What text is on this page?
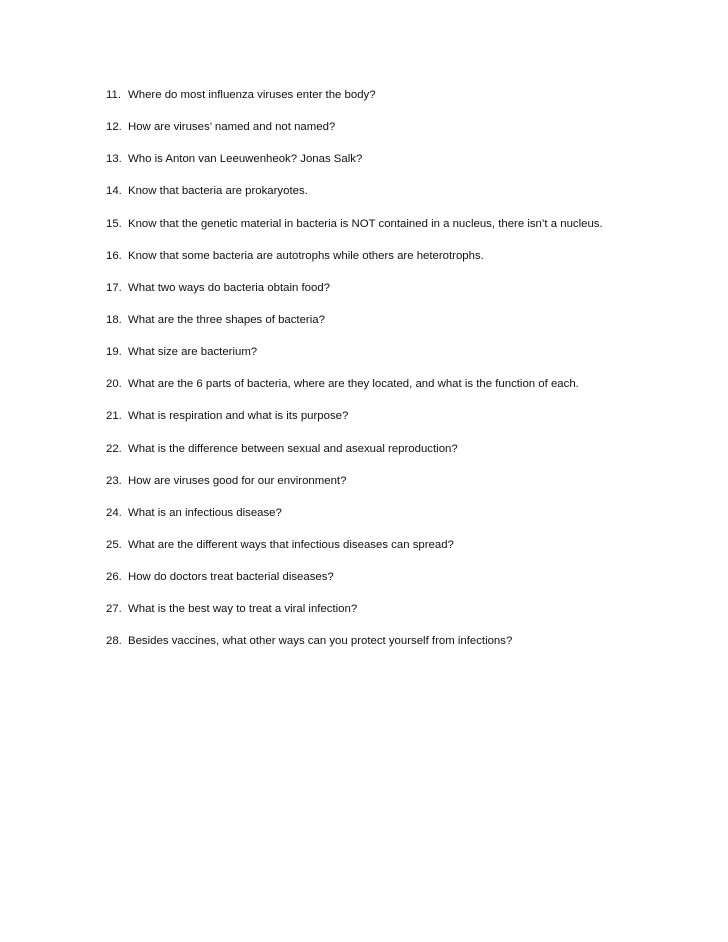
11. Where do most influenza viruses enter the body?
12. How are viruses’ named and not named?
13. Who is Anton van Leeuwenheok? Jonas Salk?
14. Know that bacteria are prokaryotes.
15. Know that the genetic material in bacteria is NOT contained in a nucleus, there isn’t a nucleus.
16. Know that some bacteria are autotrophs while others are heterotrophs.
17. What two ways do bacteria obtain food?
18. What are the three shapes of bacteria?
19. What size are bacterium?
20. What are the 6 parts of bacteria, where are they located, and what is the function of each.
21. What is respiration and what is its purpose?
22. What is the difference between sexual and asexual reproduction?
23. How are viruses good for our environment?
24. What is an infectious disease?
25. What are the different ways that infectious diseases can spread?
26. How do doctors treat bacterial diseases?
27. What is the best way to treat a viral infection?
28. Besides vaccines, what other ways can you protect yourself from infections?
